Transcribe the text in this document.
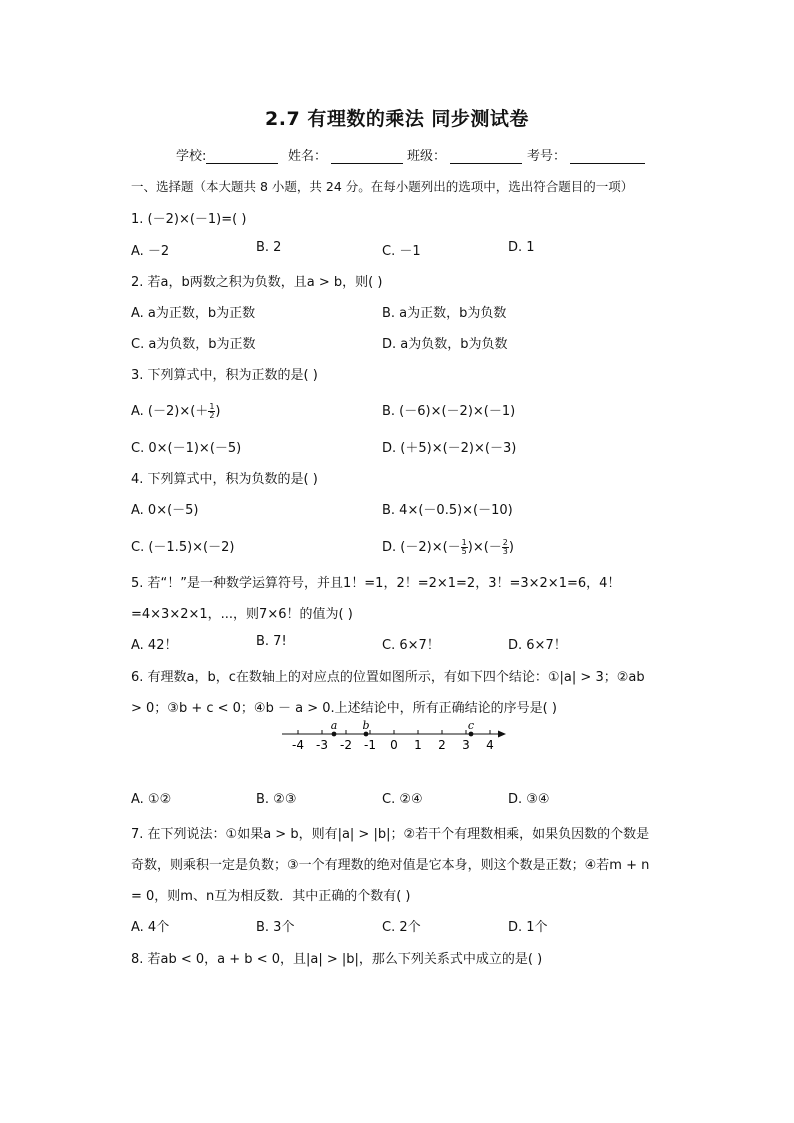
2.7 有理数的乘法 同步测试卷
学校:	姓名：	班级：	考号：
一、选择题（本大题共 8 小题，共 24 分。在每小题列出的选项中，选出符合题目的一项）
1. (－2)×(－1)=( )
A. －2	B. 2	C. －1	D. 1
2. 若a，b两数之积为负数，且a > b，则( )
A. a为正数，b为正数	B. a为正数，b为负数
C. a为负数，b为正数	D. a为负数，b为负数
3. 下列算式中，积为正数的是( )
A. $(-2)\times(+ \frac{1}{2}$ )	B. (－6)×(－2)×(－1)
C. 0×(－1)×(－5)	D. (＋5)×(－2)×(－3)
4. 下列算式中，积为负数的是( )
A. 0×(－5)	B. 4×(－0.5)×(－10)
C. (－1.5)×(－2)	D. $(-2)\times(- \frac{1}{5}$ )×(－ $\frac{2}{3}$ )
5. 若“！”是一种数学运算符号，并且1！=1，2！=2×1=2，3！=3×2×1=6，4！
=4×3×2×1，...，则7×6！的值为( )
A. 42！	B. 7!	C. 6×7！	D. 6×7！
6. 有理数a，b，c在数轴上的对应点的位置如图所示，有如下四个结论：①|a| > 3；②ab
> 0；③b + c < 0；④b － a > 0.上述结论中，所有正确结论的序号是( )
-4 -3 -2 -1 0 1 2 3 4
a b	c
A. ①②	B. ②③	C. ②④	D. ③④
7. 在下列说法：①如果a > b，则有|a| > |b|；②若干个有理数相乘，如果负因数的个数是
奇数，则乘积一定是负数；③一个有理数的绝对值是它本身，则这个数是正数；④若m + n
= 0，则m、n互为相反数．其中正确的个数有( )
A. 4个	B. 3个	C. 2个	D. 1个
8. 若ab < 0，a + b < 0，且|a| > |b|，那么下列关系式中成立的是( )
